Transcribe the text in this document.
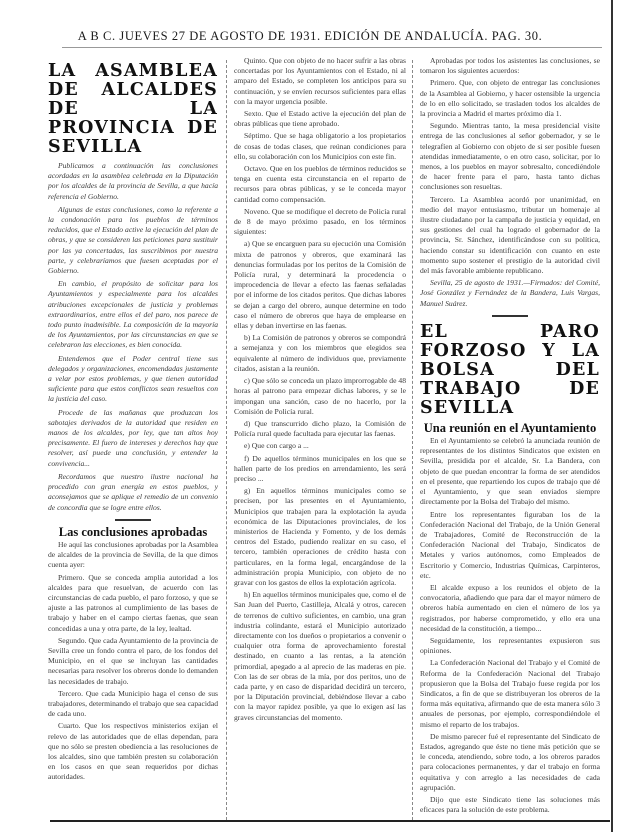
A B C. JUEVES 27 DE AGOSTO DE 1931. EDICIÓN DE ANDALUCÍA. PAG. 30.
LA ASAMBLEA DE ALCALDES DE LA PROVINCIA DE SEVILLA
Publicamos a continuación las conclusiones acordadas en la asamblea celebrada en la Diputación por los alcaldes de la provincia de Sevilla, a que hacía referencia el Gobierno.

Algunas de estas conclusiones, como la referente a la condonación para los pueblos de términos reducidos, que el Estado active la ejecución del plan de obras, y que se consideren las peticiones para sustituir por las ya concertadas, las suscribimos por nuestra parte, y celebraríamos que fuesen aceptadas por el Gobierno.

En cambio, el propósito de solicitar para los Ayuntamientos y especialmente para los alcaldes atribuciones excepcionales de justicia y problemas extraordinarios, entre ellos el del paro, nos parece de todo punto inadmisible. La composición de la mayoría de los Ayuntamientos, por las circunstancias en que se celebraron las elecciones, es bien conocida.

Entendemos que el Poder central tiene sus delegados y organizaciones, encomendadas justamente a velar por estos problemas, y que tienen autoridad suficiente para que estos conflictos sean resueltos con la justicia del caso.

Procede de las mañanas que produzcan los sabotajes derivados de la autoridad que residen en manos de los alcaldes, por ley, que tan altos hoy precisamente. El fuero de intereses y derechos hay que resolver, así puede una conclusión, y entender la convivencia...

Recordamos que nuestro ilustre nacional ha procedido con gran energía en estos pueblos, y aconsejamos que se aplique el remedio de un convenio de concordia que se logre entre ellos.

Las conclusiones aprobadas

He aquí las conclusiones aprobadas por la Asamblea de alcaldes de la provincia de Sevilla, de la que dimos cuenta ayer:

Primero. Que se conceda amplia autoridad a los alcaldes para que resuelvan, de acuerdo con las circunstancias de cada pueblo, el paro forzoso, y que se ajuste a las patronos al cumplimiento de las bases de trabajo y haber en el campo ciertas faenas, que sean concedidas a una y otra parte, de la ley, lealtad.

Segundo. Que cada Ayuntamiento de la provincia de Sevilla cree un fondo contra el paro, de los fondos del Municipio, en el que se incluyan las cantidades necesarias para resolver los obreros donde lo demanden las necesidades de trabajo.

Tercero. Que cada Municipio haga el censo de sus trabajadores, determinando el trabajo que sea capacidad de cada uno.

Cuarto. Que los respectivos ministerios exijan el relevo de las autoridades que de ellas dependan, para que no sólo se presten obediencia a las resoluciones de los alcaldes, sino que también presten su colaboración en los casos en que sean requeridos por dichas autoridades.

Quinto. Que con objeto de no hacer sufrir a las obras concertadas por los Ayuntamientos con el Estado, ni al amparo del Estado, se completen los anticipos para su continuación, y se envíen recursos suficientes para ellas con la mayor urgencia posible.

Sexto. Que el Estado active la ejecución del plan de obras públicas que tiene aprobado.

Séptimo. Que se haga obligatorio a los propietarios de cosas de todas clases, que reúnan condiciones para ello, su colaboración con los Municipios con este fin.

Octavo. Que en los pueblos de términos reducidos se tenga en cuenta esta circunstancia en el reparto de recursos para obras públicas, y se le conceda mayor cantidad como compensación.

Noveno. Que se modifique el decreto de Policía rural de 8 de mayo próximo pasado, en los términos siguientes:

a) Que se encarguen para su ejecución una Comisión mixta de patronos y obreros, que examinará las denuncias formuladas por los peritos de la Comisión de Policía rural, y determinará la procedencia o improcedencia de llevar a efecto las faenas señaladas por el informe de los citados peritos. Que dichas labores se dejan a cargo del obrero, aunque determine en todo caso el número de obreros que haya de emplearse en ellas y deban invertirse en las faenas.

b) La Comisión de patronos y obreros se compondrá a semejanza y con los miembros que elegidos sea equivalente al número de individuos que, previamente citados, asistan a la reunión.

c) Que sólo se conceda un plazo improrrogable de 48 horas al patrono para empezar dichas labores, y se le impongan una sanción, caso de no hacerlo, por la Comisión de Policía rural.

d) Que transcurrido dicho plazo, la Comisión de Policía rural quede facultada para ejecutar las faenas.

e) Que con cargo a ...

f) De aquellos términos municipales en los que se hallen parte de los predios en arrendamiento, les será preciso ...

g) En aquellos términos municipales como se precisen, por las presentes en el Ayuntamiento, Municipios que trabajen para la explotación la ayuda económica de las Diputaciones provinciales, de los ministerios de Hacienda y Fomento, y de los demás centros del Estado, pudiendo realizar en su caso, el tercero, también operaciones de crédito hasta con particulares, en la forma legal, encargándose de la administración propia Municipio, con objeto de no gravar con los gastos de ellos la explotación agrícola.

h) En aquellos términos municipales que, como el de San Juan del Puerto, Castilleja, Alcalá y otros, carecen de terrenos de cultivo suficientes, en cambio, una gran industria colindante, estará el Municipio autorizado directamente con los dueños o propietarios a convenir o cualquier otra forma de aprovechamiento forestal destinado, en cuanto a las rentas, a la atención primordial, apegado a al aprecio de las maderas en pie. Con las de ser obras de la mía, por dos peritos, uno de cada parte, y en caso de disparidad decidirá un tercero, por la Diputación provincial, debiéndose llevar a cabo con la mayor rapidez posible, ya que lo exigen así las graves circunstancias del momento.

Aprobadas por todos los asistentes las conclusiones, se tomaron los siguientes acuerdos:

Primero. Que, con objeto de entregar las conclusiones de la Asamblea al Gobierno, y hacer ostensible la urgencia de lo en ello solicitado, se trasladen todos los alcaldes de la provincia a Madrid el martes próximo día 1.

Segundo. Mientras tanto, la mesa presidencial visite entrega de las conclusiones al señor gobernador, y se le telegrafíen al Gobierno con objeto de si ser posible fuesen atendidas inmediatamente, o en otro caso, solicitar, por lo menos, a los pueblos en mayor sobresalto, concediéndole de hacer frente para el paro, hasta tanto dichas conclusiones son resueltas.

Tercero. La Asamblea acordó por unanimidad, en medio del mayor entusiasmo, tributar un homenaje al ilustre ciudadano por la campaña de justicia y equidad, en sus gestiones del cual ha logrado el gobernador de la provincia, Sr. Sánchez, identificándose con su política, haciendo constar su identificación con cuanto en este momento supo sostener el prestigio de la autoridad civil del más favorable ambiente republicano.

Sevilla, 25 de agosto de 1931.—Firmados: del Comité, José González y Fernández de la Bandera, Luis Vargas, Manuel Suárez.

EL PARO FORZOSO Y LA BOLSA DEL TRABAJO DE SEVILLA
Una reunión en el Ayuntamiento

En el Ayuntamiento se celebró la anunciada reunión de representantes de los distintos Sindicatos que existen en Sevilla, presidida por el alcalde, Sr. La Bandera, con objeto de que puedan encontrar la forma de ser atendidos en el presente, que repartiendo los cupos de trabajo que dé el Ayuntamiento, y que sean enviados siempre directamente por la Bolsa del Trabajo del mismo.

Entre los representantes figuraban los de la Confederación Nacional del Trabajo, de la Unión General de Trabajadores, Comité de Reconstrucción de la Confederación Nacional del Trabajo, Sindicatos de Metales y varios autónomos, como Empleados de Escritorio y Comercio, Industrias Químicas, Carpinteros, etc.

El alcalde expuso a los reunidos el objeto de la convocatoria, añadiendo que para dar el mayor número de obreros había aumentado en cien el número de los ya registrados, por haberse comprometido, y ello era una necesidad de la constitución, a tiempo...

Seguidamente, los representantes expusieron sus opiniones.

La Confederación Nacional del Trabajo y el Comité de Reforma de la Confederación Nacional del Trabajo propusieron que la Bolsa del Trabajo fuese regida por los Sindicatos, a fin de que se distribuyeran los obreros de la forma más equitativa, afirmando que de esta manera sólo 3 anuales de personas, por ejemplo, correspondiéndole el mismo el reparto de los trabajos.

De mismo parecer fué el representante del Sindicato de Estados, agregando que éste no tiene más petición que se le conceda, atendiendo, sobre todo, a los obreros parados para colocaciones permanentes, y dar el trabajo en forma equitativa y con arreglo a las necesidades de cada agrupación.

Dijo que este Sindicato tiene las soluciones más eficaces para la solución de este problema.
